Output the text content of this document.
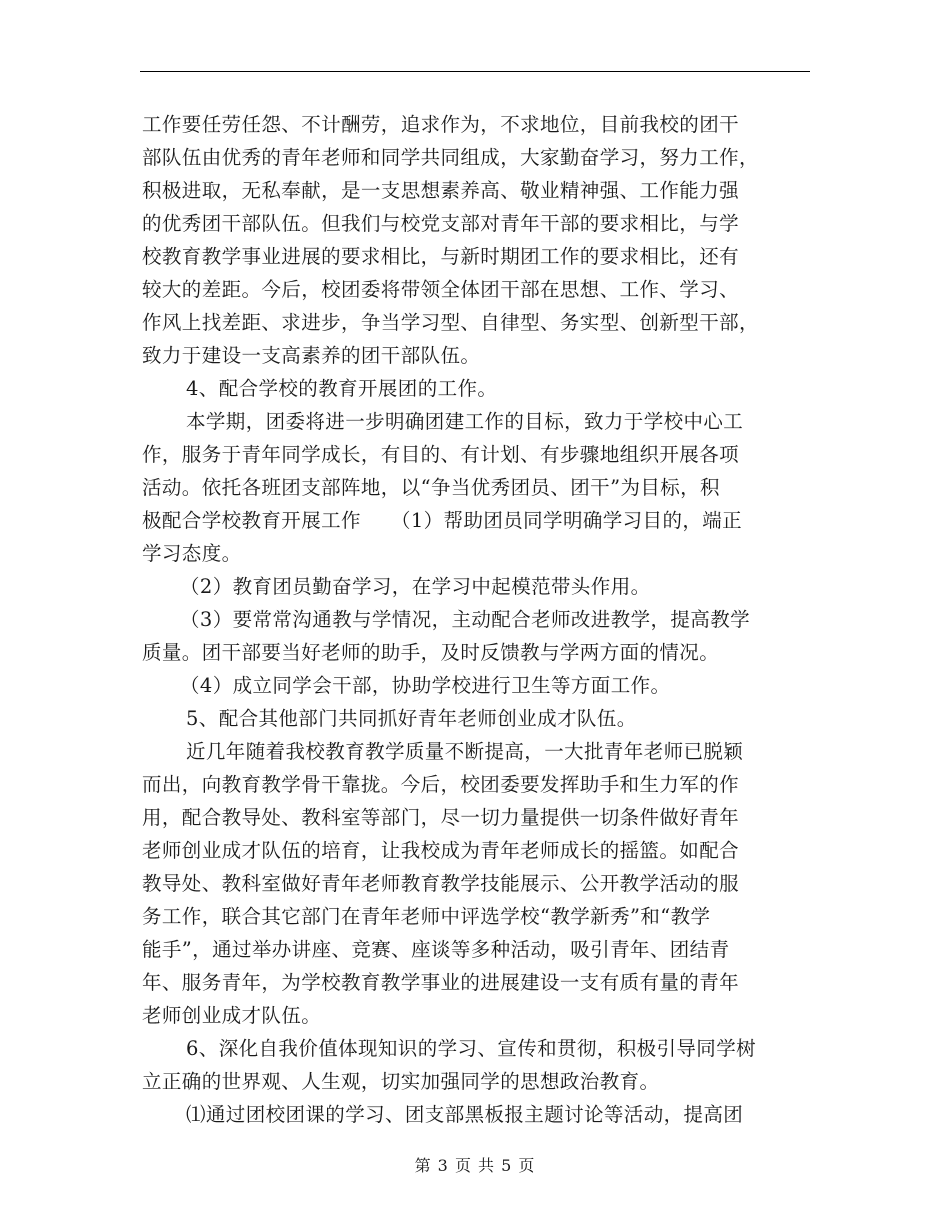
工作要任劳任怨、不计酬劳，追求作为，不求地位，目前我校的团干
部队伍由优秀的青年老师和同学共同组成，大家勤奋学习，努力工作，
积极进取，无私奉献，是一支思想素养高、敬业精神强、工作能力强
的优秀团干部队伍。但我们与校党支部对青年干部的要求相比，与学
校教育教学事业进展的要求相比，与新时期团工作的要求相比，还有
较大的差距。今后，校团委将带领全体团干部在思想、工作、学习、
作风上找差距、求进步，争当学习型、自律型、务实型、创新型干部，
致力于建设一支高素养的团干部队伍。
4、配合学校的教育开展团的工作。
本学期，团委将进一步明确团建工作的目标，致力于学校中心工
作，服务于青年同学成长，有目的、有计划、有步骤地组织开展各项
活动。依托各班团支部阵地，以“争当优秀团员、团干”为目标，积
极配合学校教育开展工作　　（1）帮助团员同学明确学习目的，端正
学习态度。
（2）教育团员勤奋学习，在学习中起模范带头作用。
（3）要常常沟通教与学情况，主动配合老师改进教学，提高教学
质量。团干部要当好老师的助手，及时反馈教与学两方面的情况。
（4）成立同学会干部，协助学校进行卫生等方面工作。
5、配合其他部门共同抓好青年老师创业成才队伍。
近几年随着我校教育教学质量不断提高，一大批青年老师已脱颖
而出，向教育教学骨干靠拢。今后，校团委要发挥助手和生力军的作
用，配合教导处、教科室等部门，尽一切力量提供一切条件做好青年
老师创业成才队伍的培育，让我校成为青年老师成长的摇篮。如配合
教导处、教科室做好青年老师教育教学技能展示、公开教学活动的服
务工作，联合其它部门在青年老师中评选学校“教学新秀”和“教学
能手”，通过举办讲座、竞赛、座谈等多种活动，吸引青年、团结青
年、服务青年，为学校教育教学事业的进展建设一支有质有量的青年
老师创业成才队伍。
6、深化自我价值体现知识的学习、宣传和贯彻，积极引导同学树
立正确的世界观、人生观，切实加强同学的思想政治教育。
⑴通过团校团课的学习、团支部黑板报主题讨论等活动，提高团
第 3 页 共 5 页
